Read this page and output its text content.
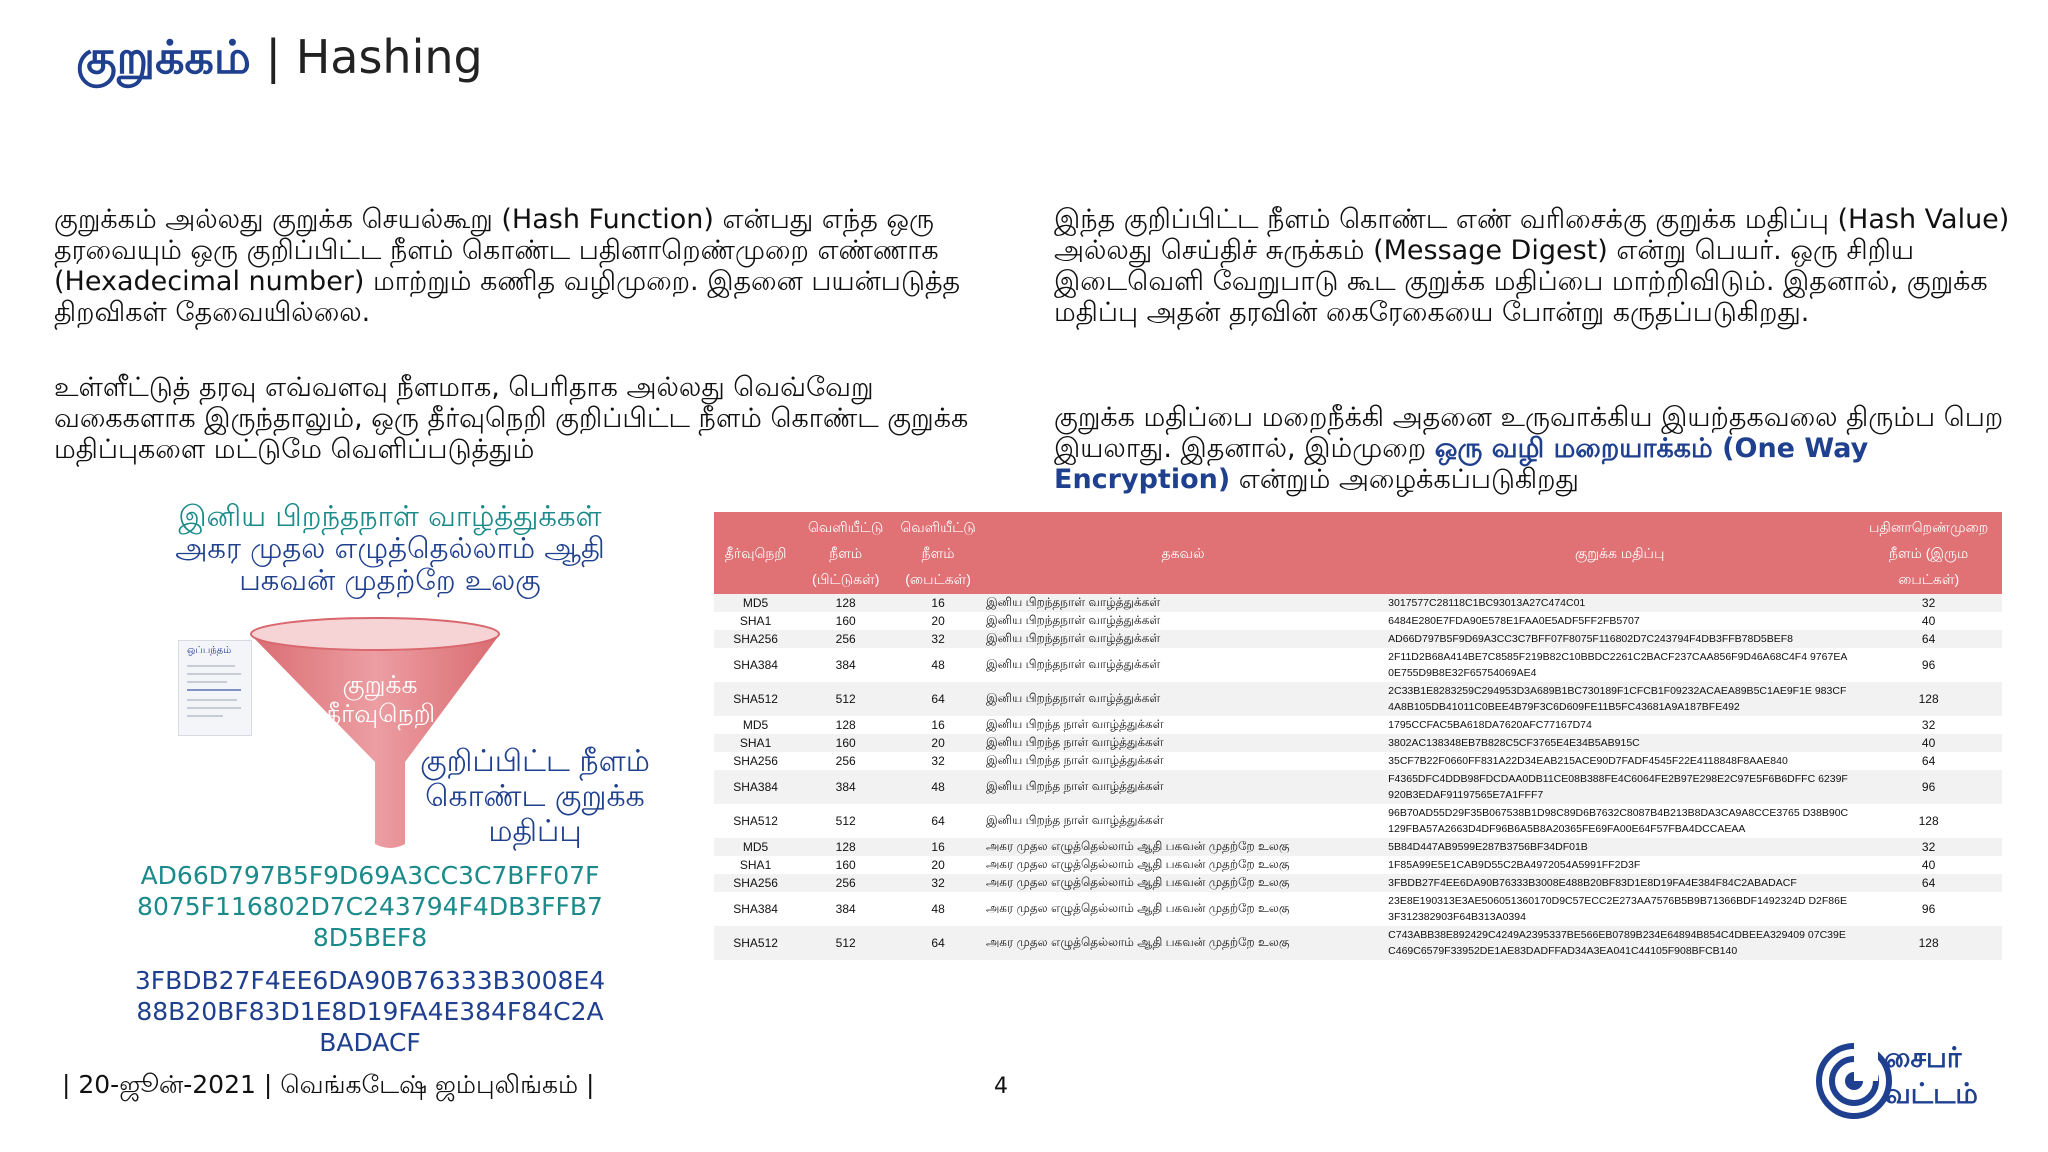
குறுக்கம் | Hashing
குறுக்கம் அல்லது குறுக்க செயல்கூறு (Hash Function) என்பது எந்த ஒரு தரவையும் ஒரு குறிப்பிட்ட நீளம் கொண்ட பதினாறெண்முறை எண்ணாக (Hexadecimal number) மாற்றும் கணித வழிமுறை. இதனை பயன்படுத்த திறவிகள் தேவையில்லை.
உள்ளீட்டுத் தரவு எவ்வளவு நீளமாக, பெரிதாக அல்லது வெவ்வேறு வகைகளாக இருந்தாலும், ஒரு தீர்வுநெறி குறிப்பிட்ட நீளம் கொண்ட குறுக்க மதிப்புகளை மட்டுமே வெளிப்படுத்தும்
இந்த குறிப்பிட்ட நீளம் கொண்ட எண் வரிசைக்கு குறுக்க மதிப்பு (Hash Value) அல்லது செய்திச் சுருக்கம் (Message Digest) என்று பெயர். ஒரு சிறிய இடைவெளி வேறுபாடு கூட குறுக்க மதிப்பை மாற்றிவிடும். இதனால், குறுக்க மதிப்பு அதன் தரவின் கைரேகையை போன்று கருதப்படுகிறது.
குறுக்க மதிப்பை மறைநீக்கி அதனை உருவாக்கிய இயற்தகவலை திரும்ப பெற இயலாது. இதனால், இம்முறை ஒரு வழி மறையாக்கம் (One Way Encryption) என்றும் அழைக்கப்படுகிறது
இனிய பிறந்தநாள் வாழ்த்துக்கள்
அகர முதல எழுத்தெல்லாம் ஆதி பகவன் முதற்றே உலகு
ஒப்பந்தம்
குறுக்க தீர்வுநெறி
குறிப்பிட்ட நீளம் கொண்ட குறுக்க மதிப்பு
AD66D797B5F9D69A3CC3C7BFF07F
8075F116802D7C243794F4DB3FFB7
8D5BEF8
3FBDB27F4EE6DA90B76333B3008E4
88B20BF83D1E8D19FA4E384F84C2A
BADACF
தீர்வுநெறி	வெளியீட்டு நீளம் (பிட்டுகள்)	வெளியீட்டு நீளம் (பைட்கள்)	தகவல்	குறுக்க மதிப்பு	பதினாறெண்முறை நீளம் (இரும பைட்கள்)
MD5	128	16	இனிய பிறந்தநாள் வாழ்த்துக்கள்	3017577C28118C1BC93013A27C474C01	32
SHA1	160	20	இனிய பிறந்தநாள் வாழ்த்துக்கள்	6484E280E7FDA90E578E1FAA0E5ADF5FF2FB5707	40
SHA256	256	32	இனிய பிறந்தநாள் வாழ்த்துக்கள்	AD66D797B5F9D69A3CC3C7BFF07F8075F116802D7C243794F4DB3FFB78D5BEF8	64
SHA384	384	48	இனிய பிறந்தநாள் வாழ்த்துக்கள்	2F11D2B68A414BE7C8585F219B82C10BBDC2261C2BACF237CAA856F9D46A68C4F4 9767EA0E755D9B8E32F65754069AE4	96
SHA512	512	64	இனிய பிறந்தநாள் வாழ்த்துக்கள்	2C33B1E8283259C294953D3A689B1BC730189F1CFCB1F09232ACAEA89B5C1AE9F1E 983CF4A8B105DB41011C0BEE4B79F3C6D609FE11B5FC43681A9A187BFE492	128
MD5	128	16	இனிய பிறந்த நாள் வாழ்த்துக்கள்	1795CCFAC5BA618DA7620AFC77167D74	32
SHA1	160	20	இனிய பிறந்த நாள் வாழ்த்துக்கள்	3802AC138348EB7B828C5CF3765E4E34B5AB915C	40
SHA256	256	32	இனிய பிறந்த நாள் வாழ்த்துக்கள்	35CF7B22F0660FF831A22D34EAB215ACE90D7FADF4545F22E4118848F8AAE840	64
SHA384	384	48	இனிய பிறந்த நாள் வாழ்த்துக்கள்	F4365DFC4DDB98FDCDAA0DB11CE08B388FE4C6064FE2B97E298E2C97E5F6B6DFFC 6239F920B3EDAF91197565E7A1FFF7	96
SHA512	512	64	இனிய பிறந்த நாள் வாழ்த்துக்கள்	96B70AD55D29F35B067538B1D98C89D6B7632C8087B4B213B8DA3CA9A8CCE3765 D38B90C129FBA57A2663D4DF96B6A5B8A20365FE69FA00E64F57FBA4DCCAEAA	128
MD5	128	16	அகர முதல எழுத்தெல்லாம் ஆதி பகவன் முதற்றே உலகு	5B84D447AB9599E287B3756BF34DF01B	32
SHA1	160	20	அகர முதல எழுத்தெல்லாம் ஆதி பகவன் முதற்றே உலகு	1F85A99E5E1CAB9D55C2BA4972054A5991FF2D3F	40
SHA256	256	32	அகர முதல எழுத்தெல்லாம் ஆதி பகவன் முதற்றே உலகு	3FBDB27F4EE6DA90B76333B3008E488B20BF83D1E8D19FA4E384F84C2ABADACF	64
SHA384	384	48	அகர முதல எழுத்தெல்லாம் ஆதி பகவன் முதற்றே உலகு	23E8E190313E3AE506051360170D9C57ECC2E273AA7576B5B9B71366BDF1492324D D2F86E3F312382903F64B313A0394	96
SHA512	512	64	அகர முதல எழுத்தெல்லாம் ஆதி பகவன் முதற்றே உலகு	C743ABB38E892429C4249A2395337BE566EB0789B234E64894B854C4DBEEA329409 07C39EC469C6579F33952DE1AE83DADFFAD34A3EA041C44105F908BFCB140	128
| 20-ஜூன்-2021 | வெங்கடேஷ் ஜம்புலிங்கம் |	4
சைபர்
வட்டம்
